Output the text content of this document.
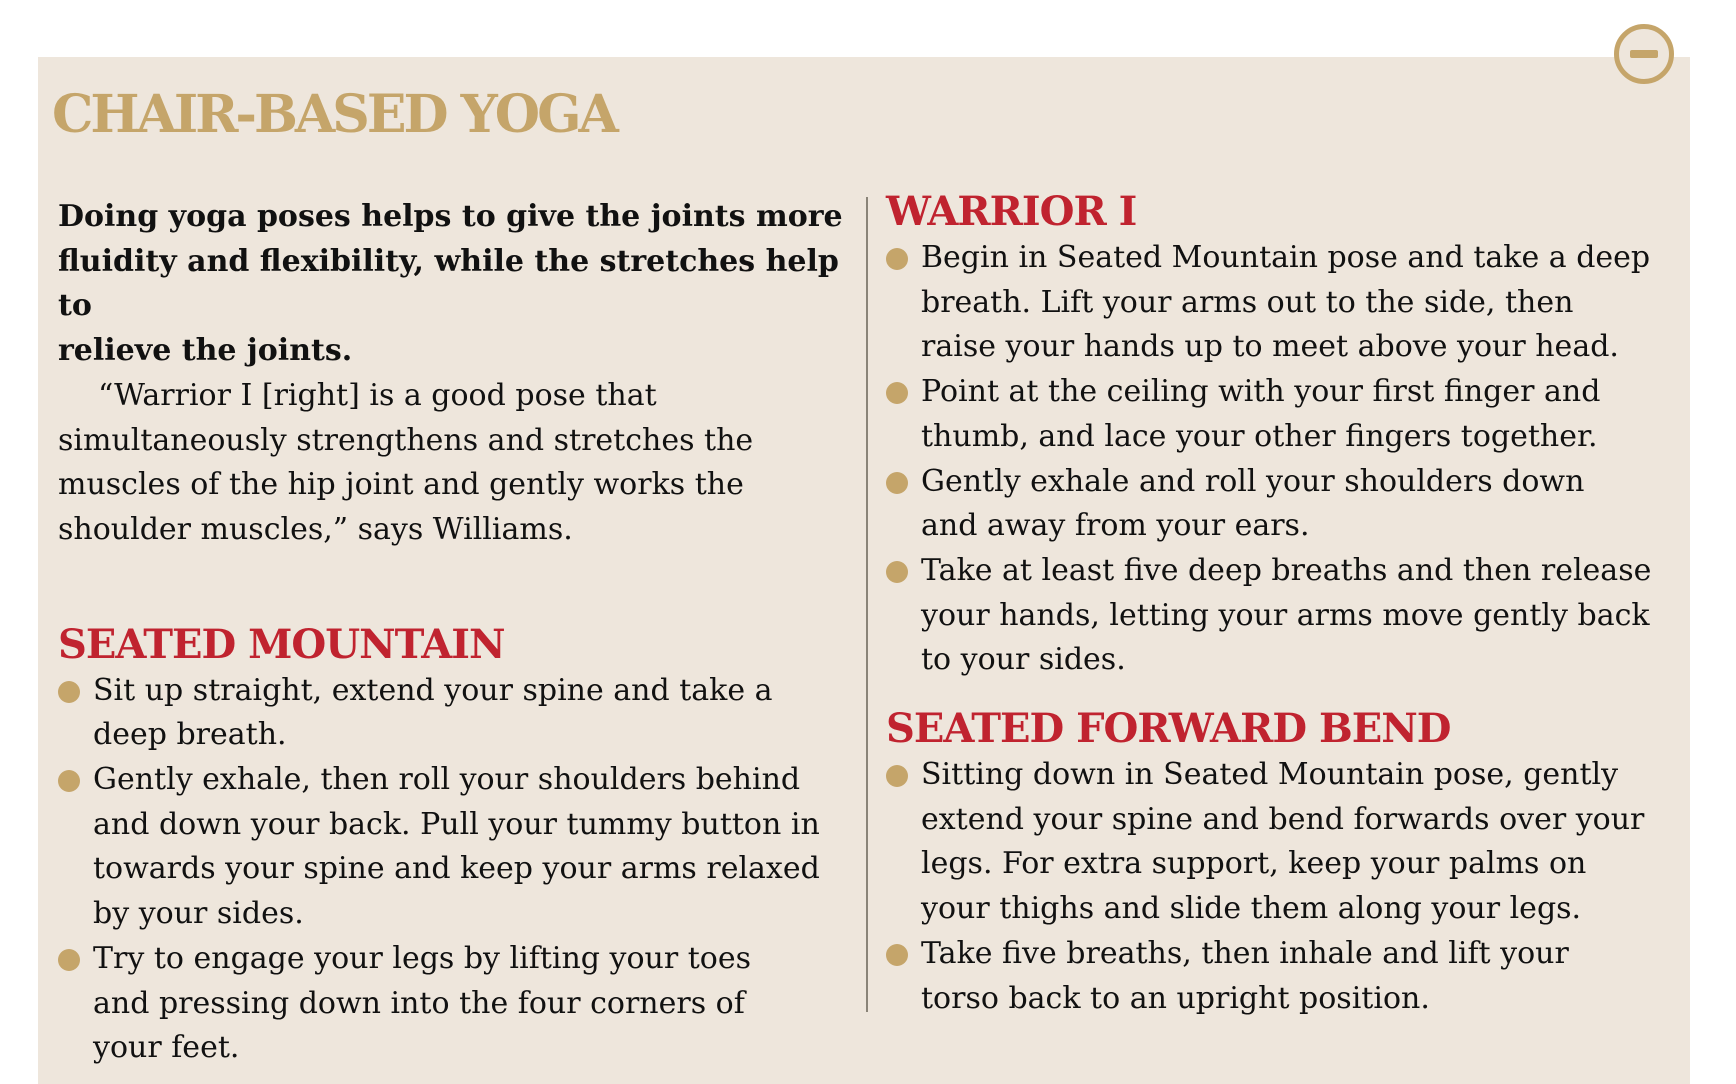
CHAIR-BASED YOGA

Doing yoga poses helps to give the joints more
fluidity and flexibility, while the stretches help to
relieve the joints.

“Warrior I [right] is a good pose that
simultaneously strengthens and stretches the
muscles of the hip joint and gently works the
shoulder muscles,” says Williams.

SEATED MOUNTAIN
Sit up straight, extend your spine and take a
deep breath.
Gently exhale, then roll your shoulders behind
and down your back. Pull your tummy button in
towards your spine and keep your arms relaxed
by your sides.
Try to engage your legs by lifting your toes
and pressing down into the four corners of
your feet.
WARRIOR I
Begin in Seated Mountain pose and take a deep
breath. Lift your arms out to the side, then
raise your hands up to meet above your head.
Point at the ceiling with your first finger and
thumb, and lace your other fingers together.
Gently exhale and roll your shoulders down
and away from your ears.
Take at least five deep breaths and then release
your hands, letting your arms move gently back
to your sides.
SEATED FORWARD BEND
Sitting down in Seated Mountain pose, gently
extend your spine and bend forwards over your
legs. For extra support, keep your palms on
your thighs and slide them along your legs.
Take five breaths, then inhale and lift your
torso back to an upright position.
